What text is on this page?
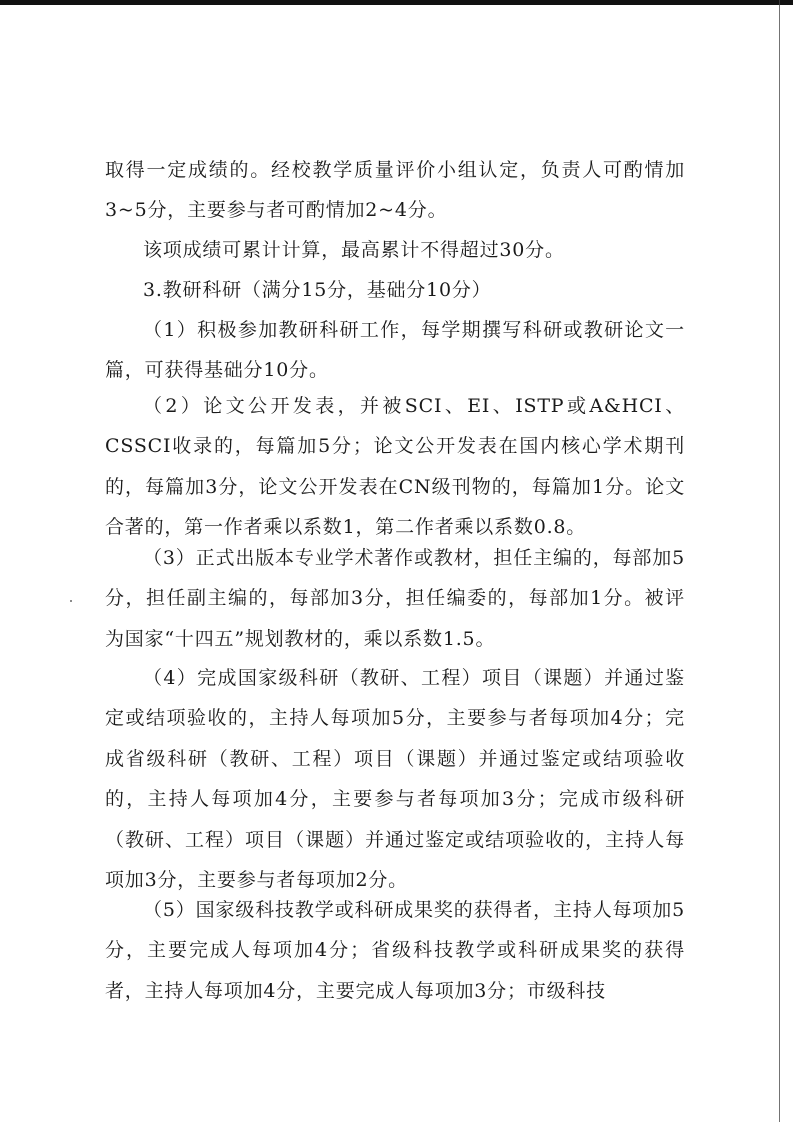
取得一定成绩的。经校教学质量评价小组认定，负责人可酌情加3~5分，主要参与者可酌情加2~4分。

该项成绩可累计计算，最高累计不得超过30分。

3.教研科研（满分15分，基础分10分）

（1）积极参加教研科研工作，每学期撰写科研或教研论文一篇，可获得基础分10分。

（2）论文公开发表，并被SCI、EI、ISTP或A&HCI、CSSCI收录的，每篇加5分；论文公开发表在国内核心学术期刊的，每篇加3分，论文公开发表在CN级刊物的，每篇加1分。论文合著的，第一作者乘以系数1，第二作者乘以系数0.8。

（3）正式出版本专业学术著作或教材，担任主编的，每部加5分，担任副主编的，每部加3分，担任编委的，每部加1分。被评为国家“十四五”规划教材的，乘以系数1.5。

（4）完成国家级科研（教研、工程）项目（课题）并通过鉴定或结项验收的，主持人每项加5分，主要参与者每项加4分；完成省级科研（教研、工程）项目（课题）并通过鉴定或结项验收的，主持人每项加4分，主要参与者每项加3分；完成市级科研（教研、工程）项目（课题）并通过鉴定或结项验收的，主持人每项加3分，主要参与者每项加2分。

（5）国家级科技教学或科研成果奖的获得者，主持人每项加5分，主要完成人每项加4分；省级科技教学或科研成果奖的获得者，主持人每项加4分，主要完成人每项加3分；市级科技
